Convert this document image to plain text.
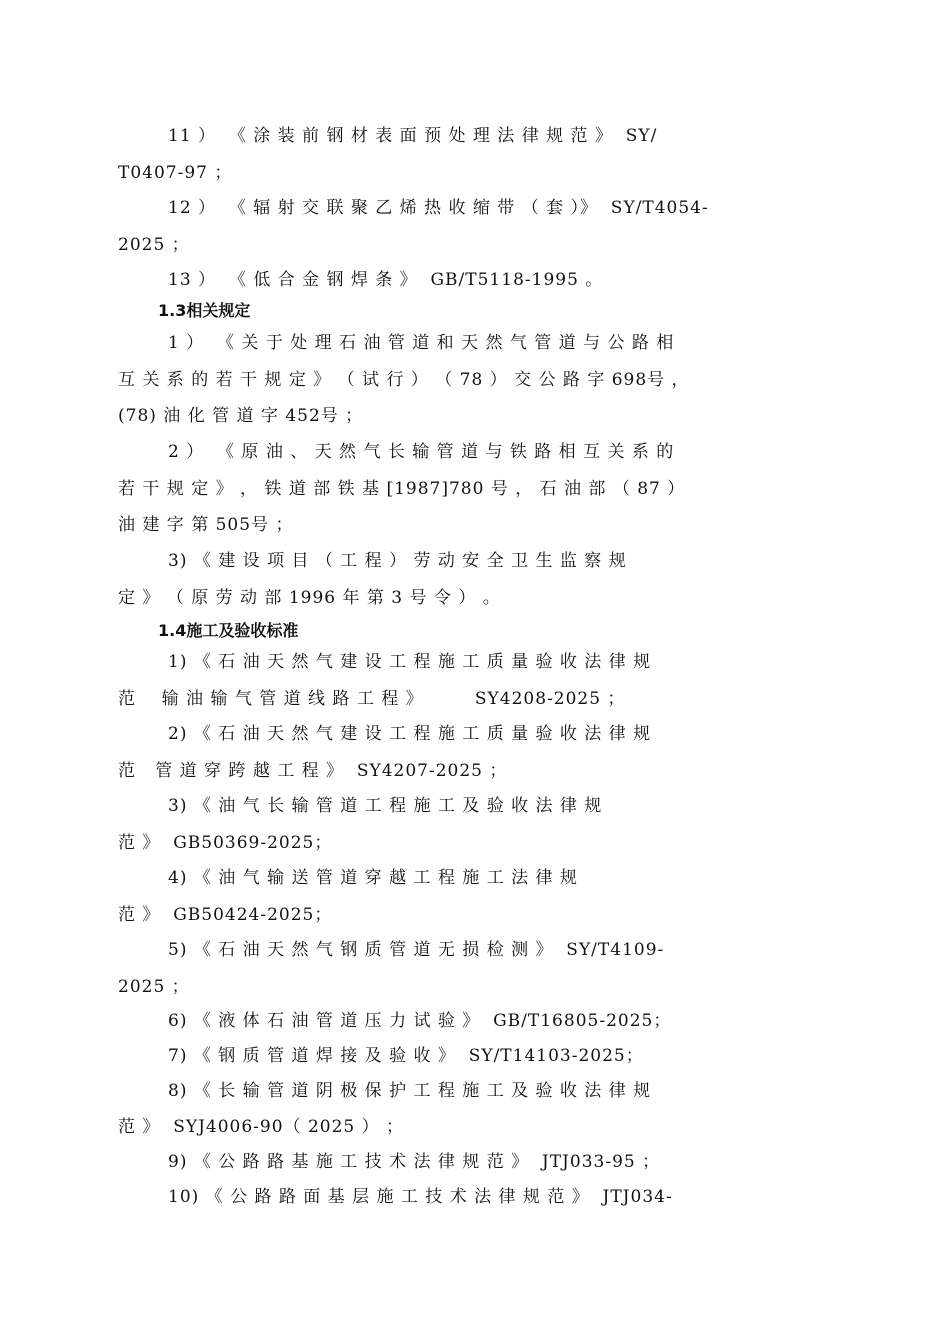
11 ）  《 涂 装 前 钢 材 表 面 预 处 理 法 律 规 范 》  SY/
T0407-97 ；
12 ）  《 辐 射 交 联 聚 乙 烯 热 收 缩 带 （ 套 ）》  SY/T4054-
2025 ；
13 ）  《 低 合 金 钢 焊 条 》  GB/T5118-1995 。
1.3相关规定
1 ）  《 关 于 处 理 石 油 管 道 和 天 然 气 管 道 与 公 路 相
互 关 系 的 若 干 规 定 》 （ 试 行 ） （ 78 ） 交 公 路 字 698号 ，
(78) 油 化 管 道 字 452号 ；
2 ）  《 原 油 、 天 然 气 长 输 管 道 与 铁 路 相 互 关 系 的
若 干 规 定 》 ， 铁 道 部 铁 基 [1987]780 号 ， 石 油 部 （ 87 ）
油 建 字 第 505号 ；
3) 《 建 设 项 目 （ 工 程 ） 劳 动 安 全 卫 生 监 察 规
定 》 （ 原 劳 动 部 1996 年 第 3 号 令 ） 。
1.4施工及验收标准
1) 《 石 油 天 然 气 建 设 工 程 施 工 质 量 验 收 法 律 规
范    输 油 输 气 管 道 线 路 工 程 》        SY4208-2025 ；
2) 《 石 油 天 然 气 建 设 工 程 施 工 质 量 验 收 法 律 规
范   管 道 穿 跨 越 工 程 》  SY4207-2025 ；
3) 《 油 气 长 输 管 道 工 程 施 工 及 验 收 法 律 规
范 》  GB50369-2025；
4) 《 油 气 输 送 管 道 穿 越 工 程 施 工 法 律 规
范 》  GB50424-2025；
5) 《 石 油 天 然 气 钢 质 管 道 无 损 检 测 》  SY/T4109-
2025 ；
6) 《 液 体 石 油 管 道 压 力 试 验 》  GB/T16805-2025；
7) 《 钢 质 管 道 焊 接 及 验 收 》  SY/T14103-2025；
8) 《 长 输 管 道 阴 极 保 护 工 程 施 工 及 验 收 法 律 规
范 》  SYJ4006-90（ 2025 ） ；
9) 《 公 路 路 基 施 工 技 术 法 律 规 范 》  JTJ033-95 ；
10) 《 公 路 路 面 基 层 施 工 技 术 法 律 规 范 》  JTJ034-
